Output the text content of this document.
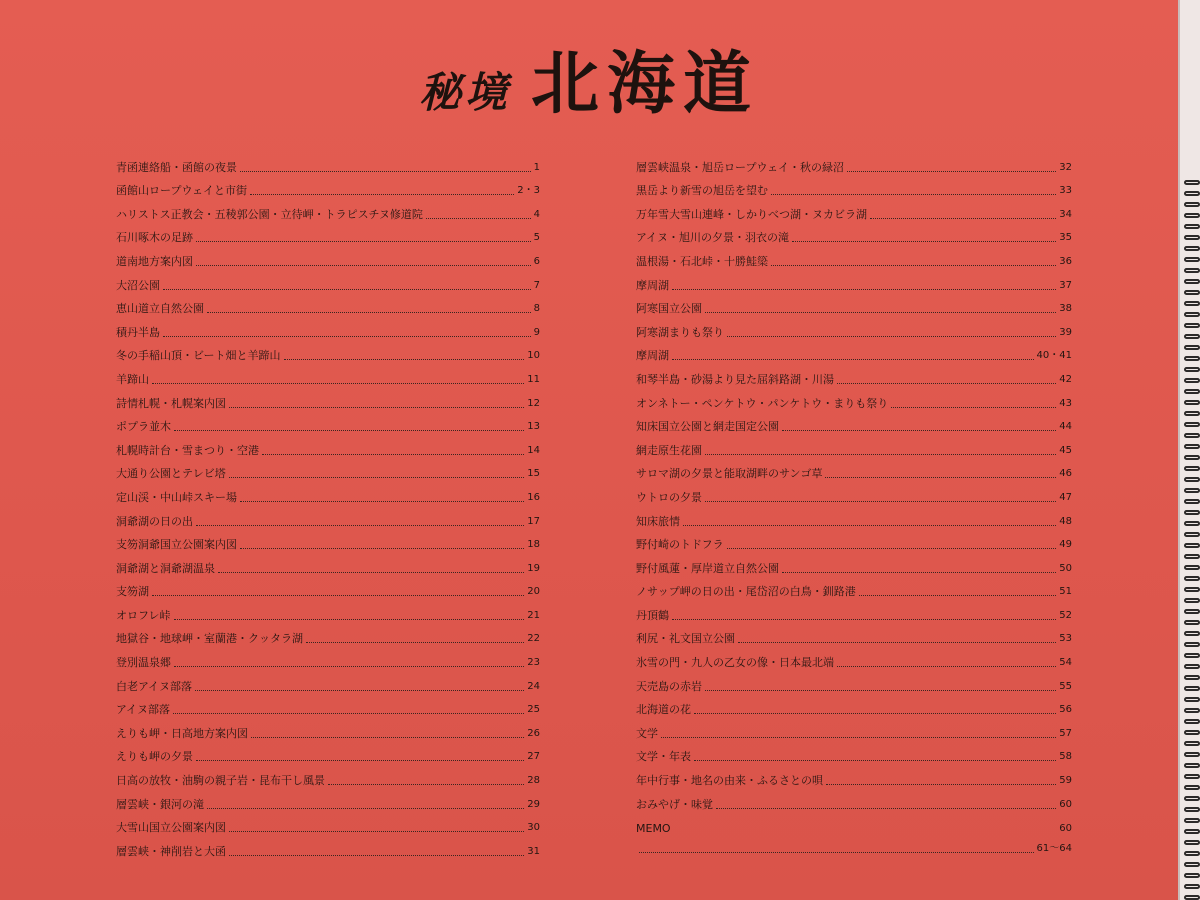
秘境 北海道
青函連絡船・函館の夜景	1
函館山ロープウェイと市街	2・3
ハリストス正教会・五稜郭公園・立待岬・トラピスチヌ修道院	4
石川啄木の足跡	5
道南地方案内図	6
大沼公園	7
恵山道立自然公園	8
積丹半島	9
冬の手稲山頂・ビート畑と羊蹄山	10
羊蹄山	11
詩情札幌・札幌案内図	12
ポプラ並木	13
札幌時計台・雪まつり・空港	14
大通り公園とテレビ塔	15
定山渓・中山峠スキー場	16
洞爺湖の日の出	17
支笏洞爺国立公園案内図	18
洞爺湖と洞爺湖温泉	19
支笏湖	20
オロフレ峠	21
地獄谷・地球岬・室蘭港・クッタラ湖	22
登別温泉郷	23
白老アイヌ部落	24
アイヌ部落	25
えりも岬・日高地方案内図	26
えりも岬の夕景	27
日高の放牧・油駒の親子岩・昆布干し風景	28
層雲峡・銀河の滝	29
大雪山国立公園案内図	30
層雲峡・神削岩と大函	31
層雲峡温泉・旭岳ロープウェイ・秋の緑沼	32
黒岳より新雪の旭岳を望む	33
万年雪大雪山連峰・しかりべつ湖・ヌカビラ湖	34
アイヌ・旭川の夕景・羽衣の滝	35
温根湯・石北峠・十勝鮭簗	36
摩周湖	37
阿寒国立公園	38
阿寒湖まりも祭り	39
摩周湖	40・41
和琴半島・砂湯より見た屈斜路湖・川湯	42
オンネトー・ペンケトウ・パンケトウ・まりも祭り	43
知床国立公園と網走国定公園	44
網走原生花園	45
サロマ湖の夕景と能取湖畔のサンゴ草	46
ウトロの夕景	47
知床旅情	48
野付崎のトドフラ	49
野付風蓮・厚岸道立自然公園	50
ノサップ岬の日の出・尾岱沼の白鳥・釧路港	51
丹頂鶴	52
利尻・礼文国立公園	53
氷雪の門・九人の乙女の像・日本最北端	54
天売島の赤岩	55
北海道の花	56
文学	57
文学・年表	58
年中行事・地名の由来・ふるさとの唄	59
おみやげ・味覚	60
MEMO	60
61〜64
